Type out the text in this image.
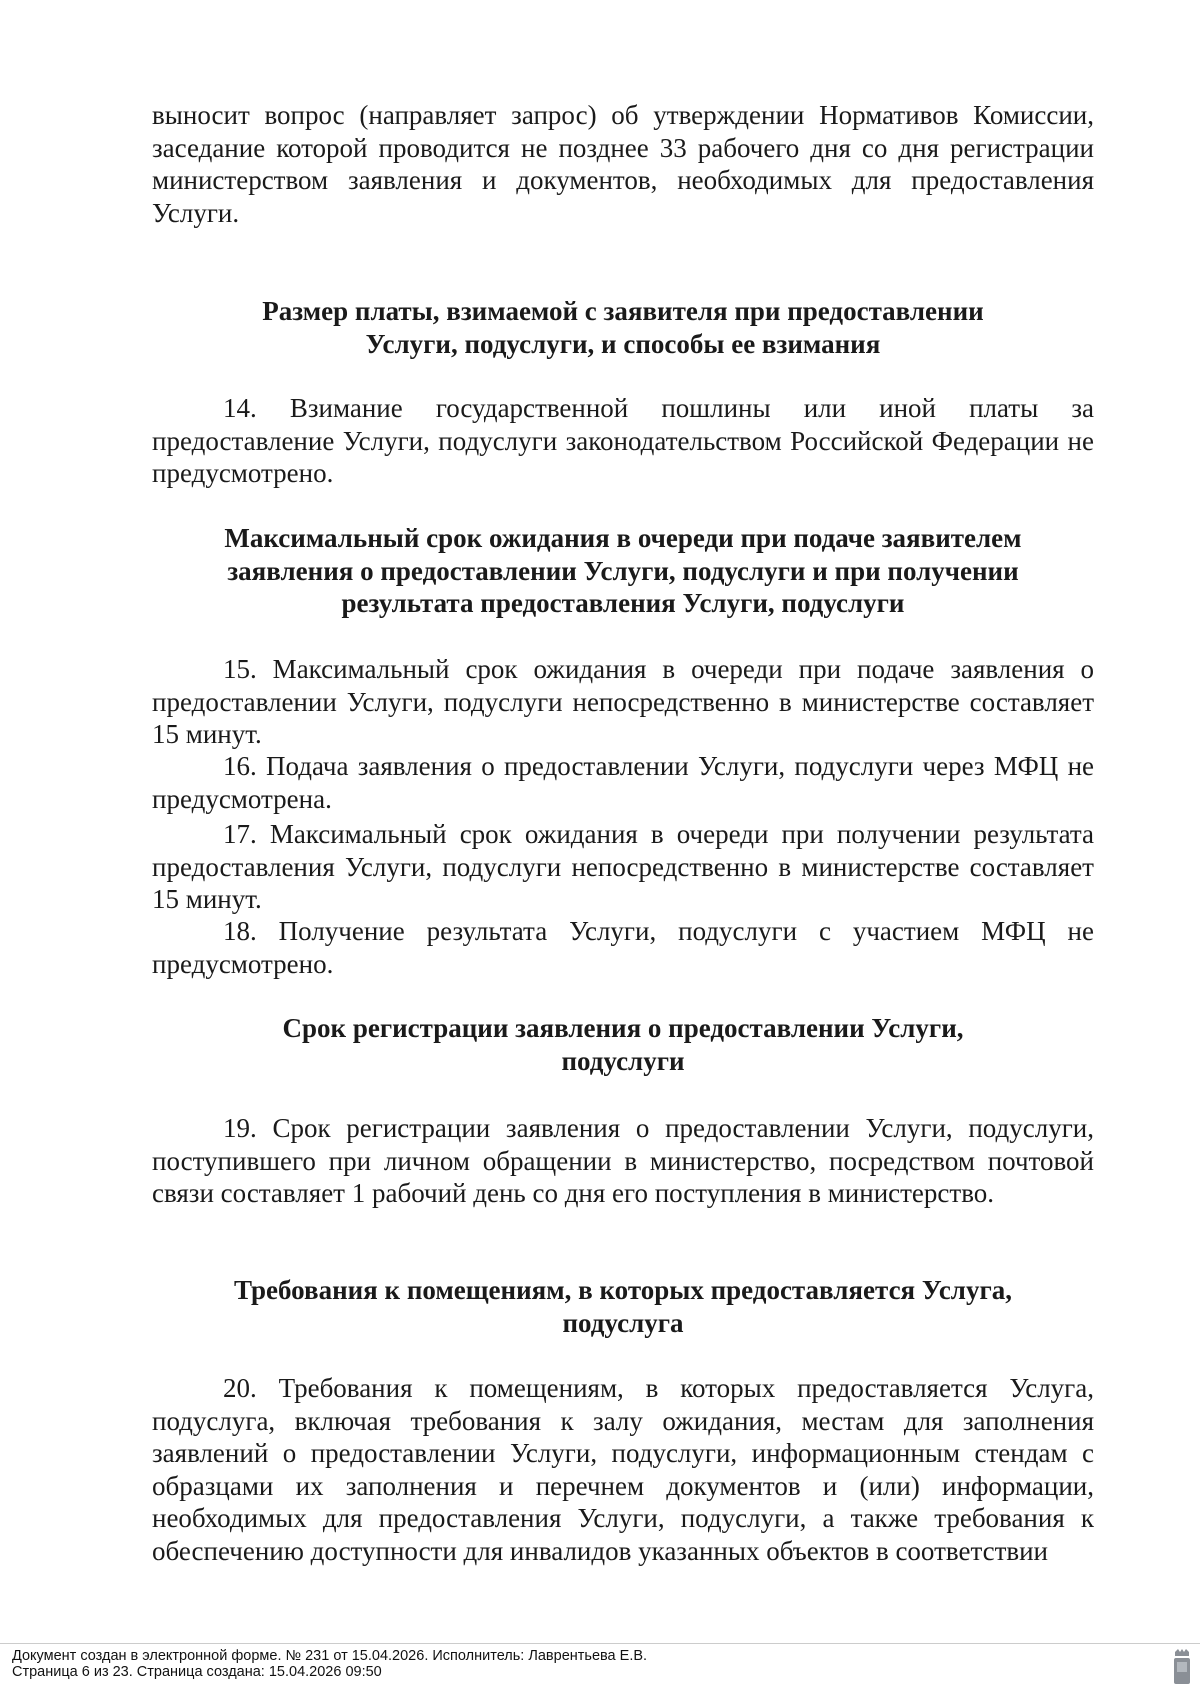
выносит вопрос (направляет запрос) об утверждении Нормативов Комиссии, заседание которой проводится не позднее 33 рабочего дня со дня регистрации министерством заявления и документов, необходимых для предоставления Услуги.

Размер платы, взимаемой с заявителя при предоставлении
Услуги, подуслуги, и способы ее взимания

14. Взимание государственной пошлины или иной платы за предоставление Услуги, подуслуги законодательством Российской Федерации не предусмотрено.

Максимальный срок ожидания в очереди при подаче заявителем
заявления о предоставлении Услуги, подуслуги и при получении
результата предоставления Услуги, подуслуги

15. Максимальный срок ожидания в очереди при подаче заявления о предоставлении Услуги, подуслуги непосредственно в министерстве составляет 15 минут.

16. Подача заявления о предоставлении Услуги, подуслуги через МФЦ не предусмотрена.

17. Максимальный срок ожидания в очереди при получении результата предоставления Услуги, подуслуги непосредственно в министерстве составляет 15 минут.

18. Получение результата Услуги, подуслуги с участием МФЦ не предусмотрено.

Срок регистрации заявления о предоставлении Услуги,
подуслуги

19. Срок регистрации заявления о предоставлении Услуги, подуслуги, поступившего при личном обращении в министерство, посредством почтовой связи составляет 1 рабочий день со дня его поступления в министерство.

Требования к помещениям, в которых предоставляется Услуга,
подуслуга

20. Требования к помещениям, в которых предоставляется Услуга, подуслуга, включая требования к залу ожидания, местам для заполнения заявлений о предоставлении Услуги, подуслуги, информационным стендам с образцами их заполнения и перечнем документов и (или) информации, необходимых для предоставления Услуги, подуслуги, а также требования к обеспечению доступности для инвалидов указанных объектов в соответствии

Документ создан в электронной форме. № 231 от 15.04.2026. Исполнитель: Лаврентьева Е.В.
Страница 6 из 23. Страница создана: 15.04.2026 09:50
